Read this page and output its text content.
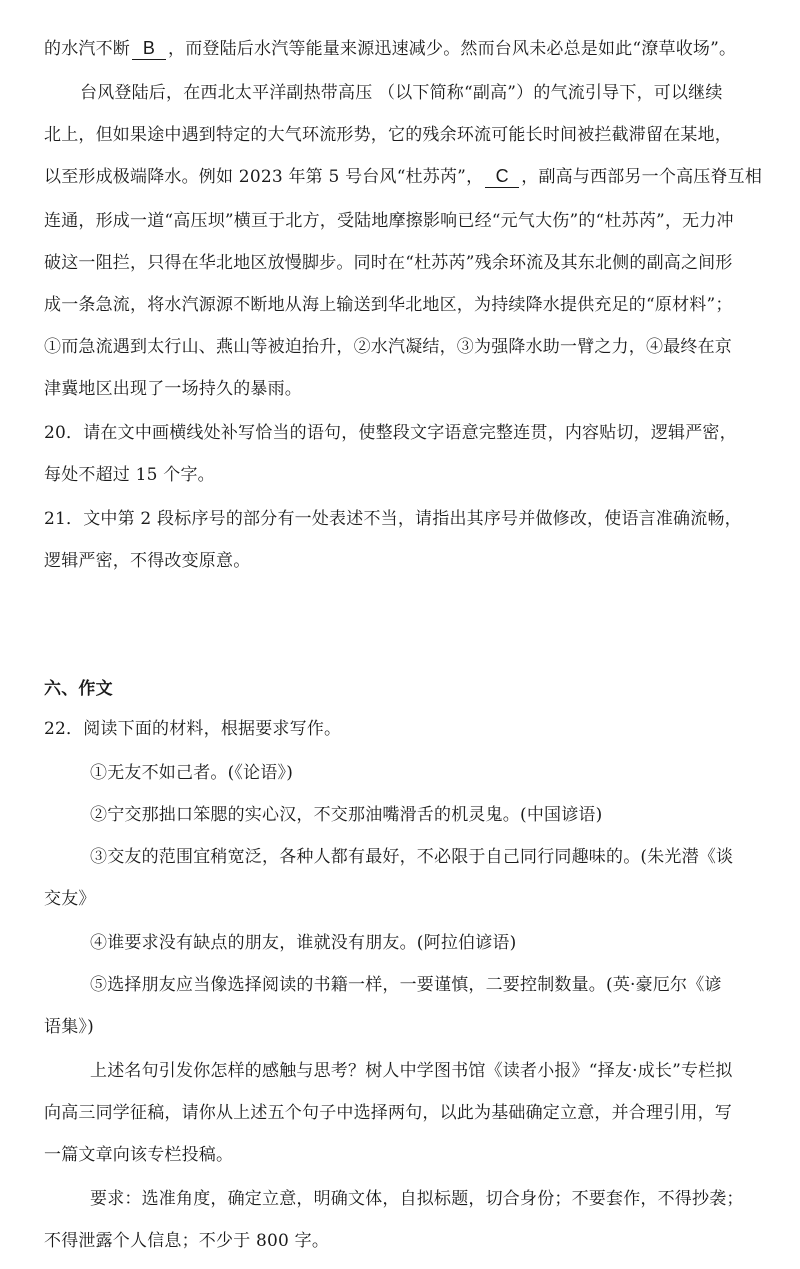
的水汽不断 B ，而登陆后水汽等能量来源迅速减少。然而台风未必总是如此“潦草收场”。
台风登陆后，在西北太平洋副热带高压 （以下简称“副高”）的气流引导下，可以继续
北上，但如果途中遇到特定的大气环流形势，它的残余环流可能长时间被拦截滞留在某地，
以至形成极端降水。例如 2023 年第 5 号台风“杜苏芮”， C ，副高与西部另一个高压脊互相
连通，形成一道“高压坝”横亘于北方，受陆地摩擦影响已经“元气大伤”的“杜苏芮”，无力冲
破这一阻拦，只得在华北地区放慢脚步。同时在“杜苏芮”残余环流及其东北侧的副高之间形
成一条急流，将水汽源源不断地从海上输送到华北地区，为持续降水提供充足的“原材料”；
①而急流遇到太行山、燕山等被迫抬升，②水汽凝结，③为强降水助一臂之力，④最终在京
津冀地区出现了一场持久的暴雨。
20．请在文中画横线处补写恰当的语句，使整段文字语意完整连贯，内容贴切，逻辑严密，
每处不超过 15 个字。
21．文中第 2 段标序号的部分有一处表述不当，请指出其序号并做修改，使语言准确流畅，
逻辑严密，不得改变原意。
六、作文
22．阅读下面的材料，根据要求写作。
①无友不如己者。(《论语》)
②宁交那拙口笨腮的实心汉，不交那油嘴滑舌的机灵鬼。(中国谚语)
③交友的范围宜稍宽泛，各种人都有最好，不必限于自己同行同趣味的。(朱光潜《谈
交友》
④谁要求没有缺点的朋友，谁就没有朋友。(阿拉伯谚语)
⑤选择朋友应当像选择阅读的书籍一样，一要谨慎，二要控制数量。(英·豪厄尔《谚
语集》)
上述名句引发你怎样的感触与思考？树人中学图书馆《读者小报》“择友·成长”专栏拟
向高三同学征稿，请你从上述五个句子中选择两句，以此为基础确定立意，并合理引用，写
一篇文章向该专栏投稿。
要求：选准角度，确定立意，明确文体，自拟标题，切合身份；不要套作，不得抄袭；
不得泄露个人信息；不少于 800 字。
